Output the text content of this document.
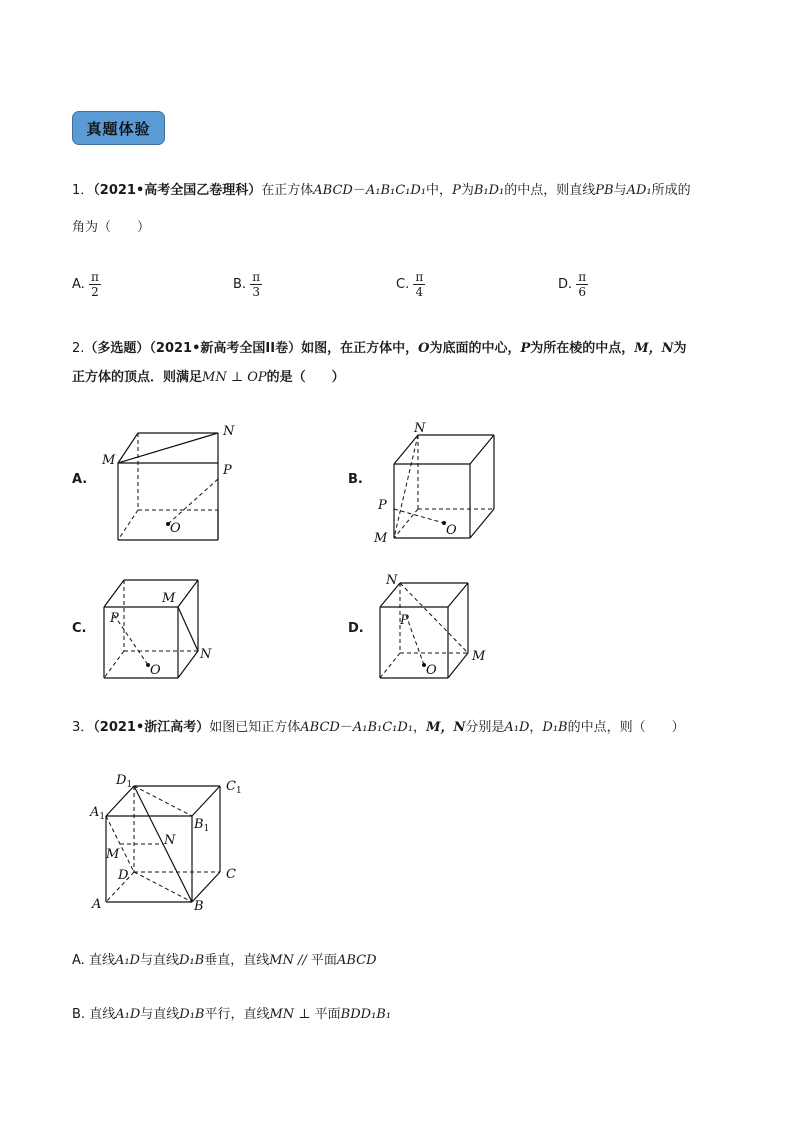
真题体验
1．（2021•高考全国乙卷理科）在正方体ABCD－A₁B₁C₁D₁中，P为B₁D₁的中点，则直线PB与AD₁所成的
角为（　　）
A. $\frac{\pi}{2}$	B. $\frac{\pi}{3}$	C. $\frac{\pi}{4}$	D. $\frac{\pi}{6}$
2.（多选题）（2021•新高考全国II卷）如图，在正方体中，O为底面的中心，P为所在棱的中点，M，N为
正方体的顶点．则满足MN ⊥ OP的是（　　）
A.	B.
C.	D.
M
N
P
O
N
P
M
O
M
P
N
O
N
P
M
O
3．（2021•浙江高考）如图已知正方体ABCD－A₁B₁C₁D₁，M，N分别是A₁D，D₁B的中点，则（　　）
$D_1$	$C_1$
$A_1$	$B_1$
N
M
D	C
A	B
A. 直线A₁D与直线D₁B垂直，直线MN // 平面ABCD
B. 直线A₁D与直线D₁B平行，直线MN ⊥ 平面BDD₁B₁
